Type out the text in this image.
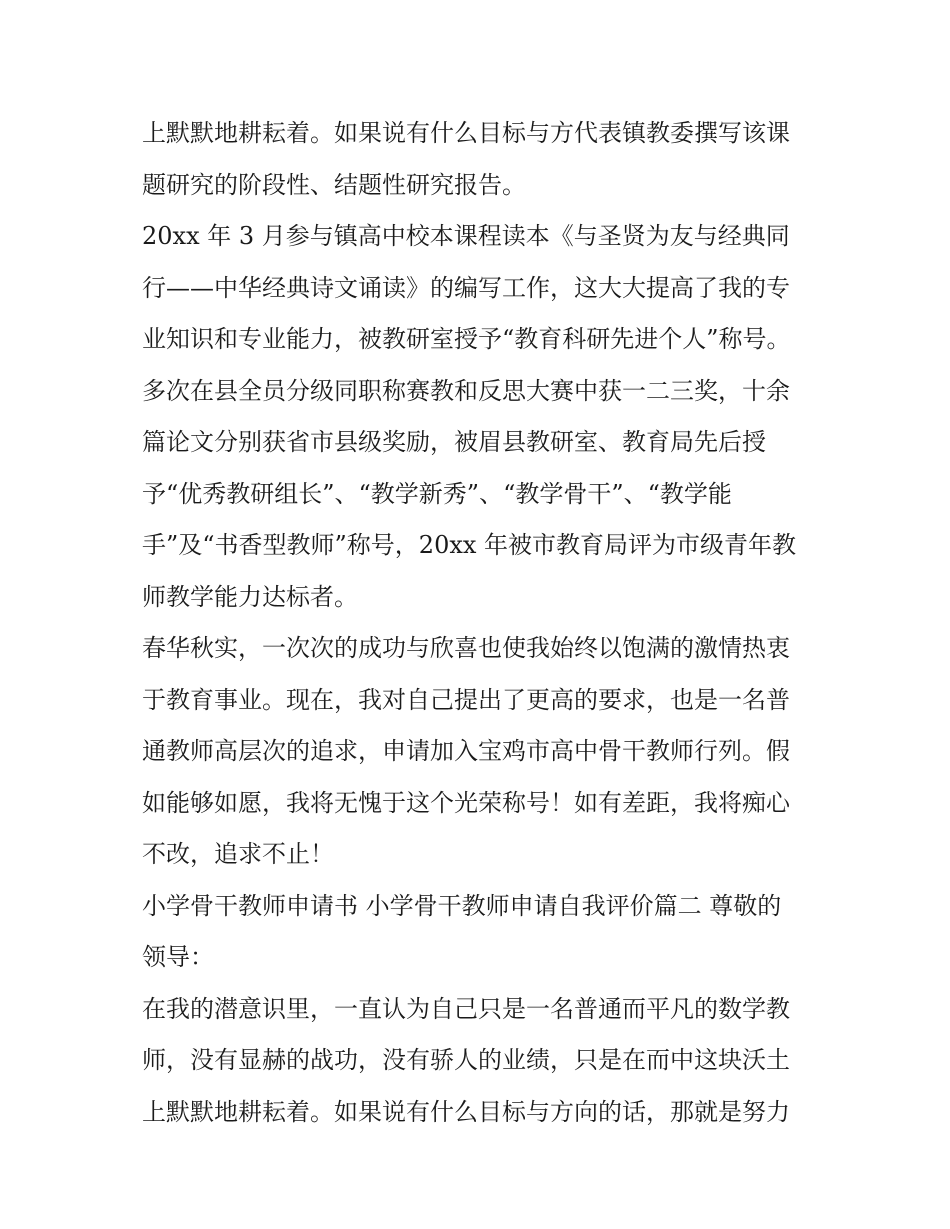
上默默地耕耘着。如果说有什么目标与方代表镇教委撰写该课
题研究的阶段性、结题性研究报告。
20xx 年 3 月参与镇高中校本课程读本《与圣贤为友与经典同
行——中华经典诗文诵读》的编写工作，这大大提高了我的专
业知识和专业能力，被教研室授予“教育科研先进个人”称号。
多次在县全员分级同职称赛教和反思大赛中获一二三奖，十余
篇论文分别获省市县级奖励，被眉县教研室、教育局先后授
予“优秀教研组长”、“教学新秀”、“教学骨干”、“教学能
手”及“书香型教师”称号，20xx 年被市教育局评为市级青年教
师教学能力达标者。
春华秋实，一次次的成功与欣喜也使我始终以饱满的激情热衷
于教育事业。现在，我对自己提出了更高的要求，也是一名普
通教师高层次的追求，申请加入宝鸡市高中骨干教师行列。假
如能够如愿，我将无愧于这个光荣称号！如有差距，我将痴心
不改，追求不止！
小学骨干教师申请书 小学骨干教师申请自我评价篇二 尊敬的
领导：
在我的潜意识里，一直认为自己只是一名普通而平凡的数学教
师，没有显赫的战功，没有骄人的业绩，只是在而中这块沃土
上默默地耕耘着。如果说有什么目标与方向的话，那就是努力
